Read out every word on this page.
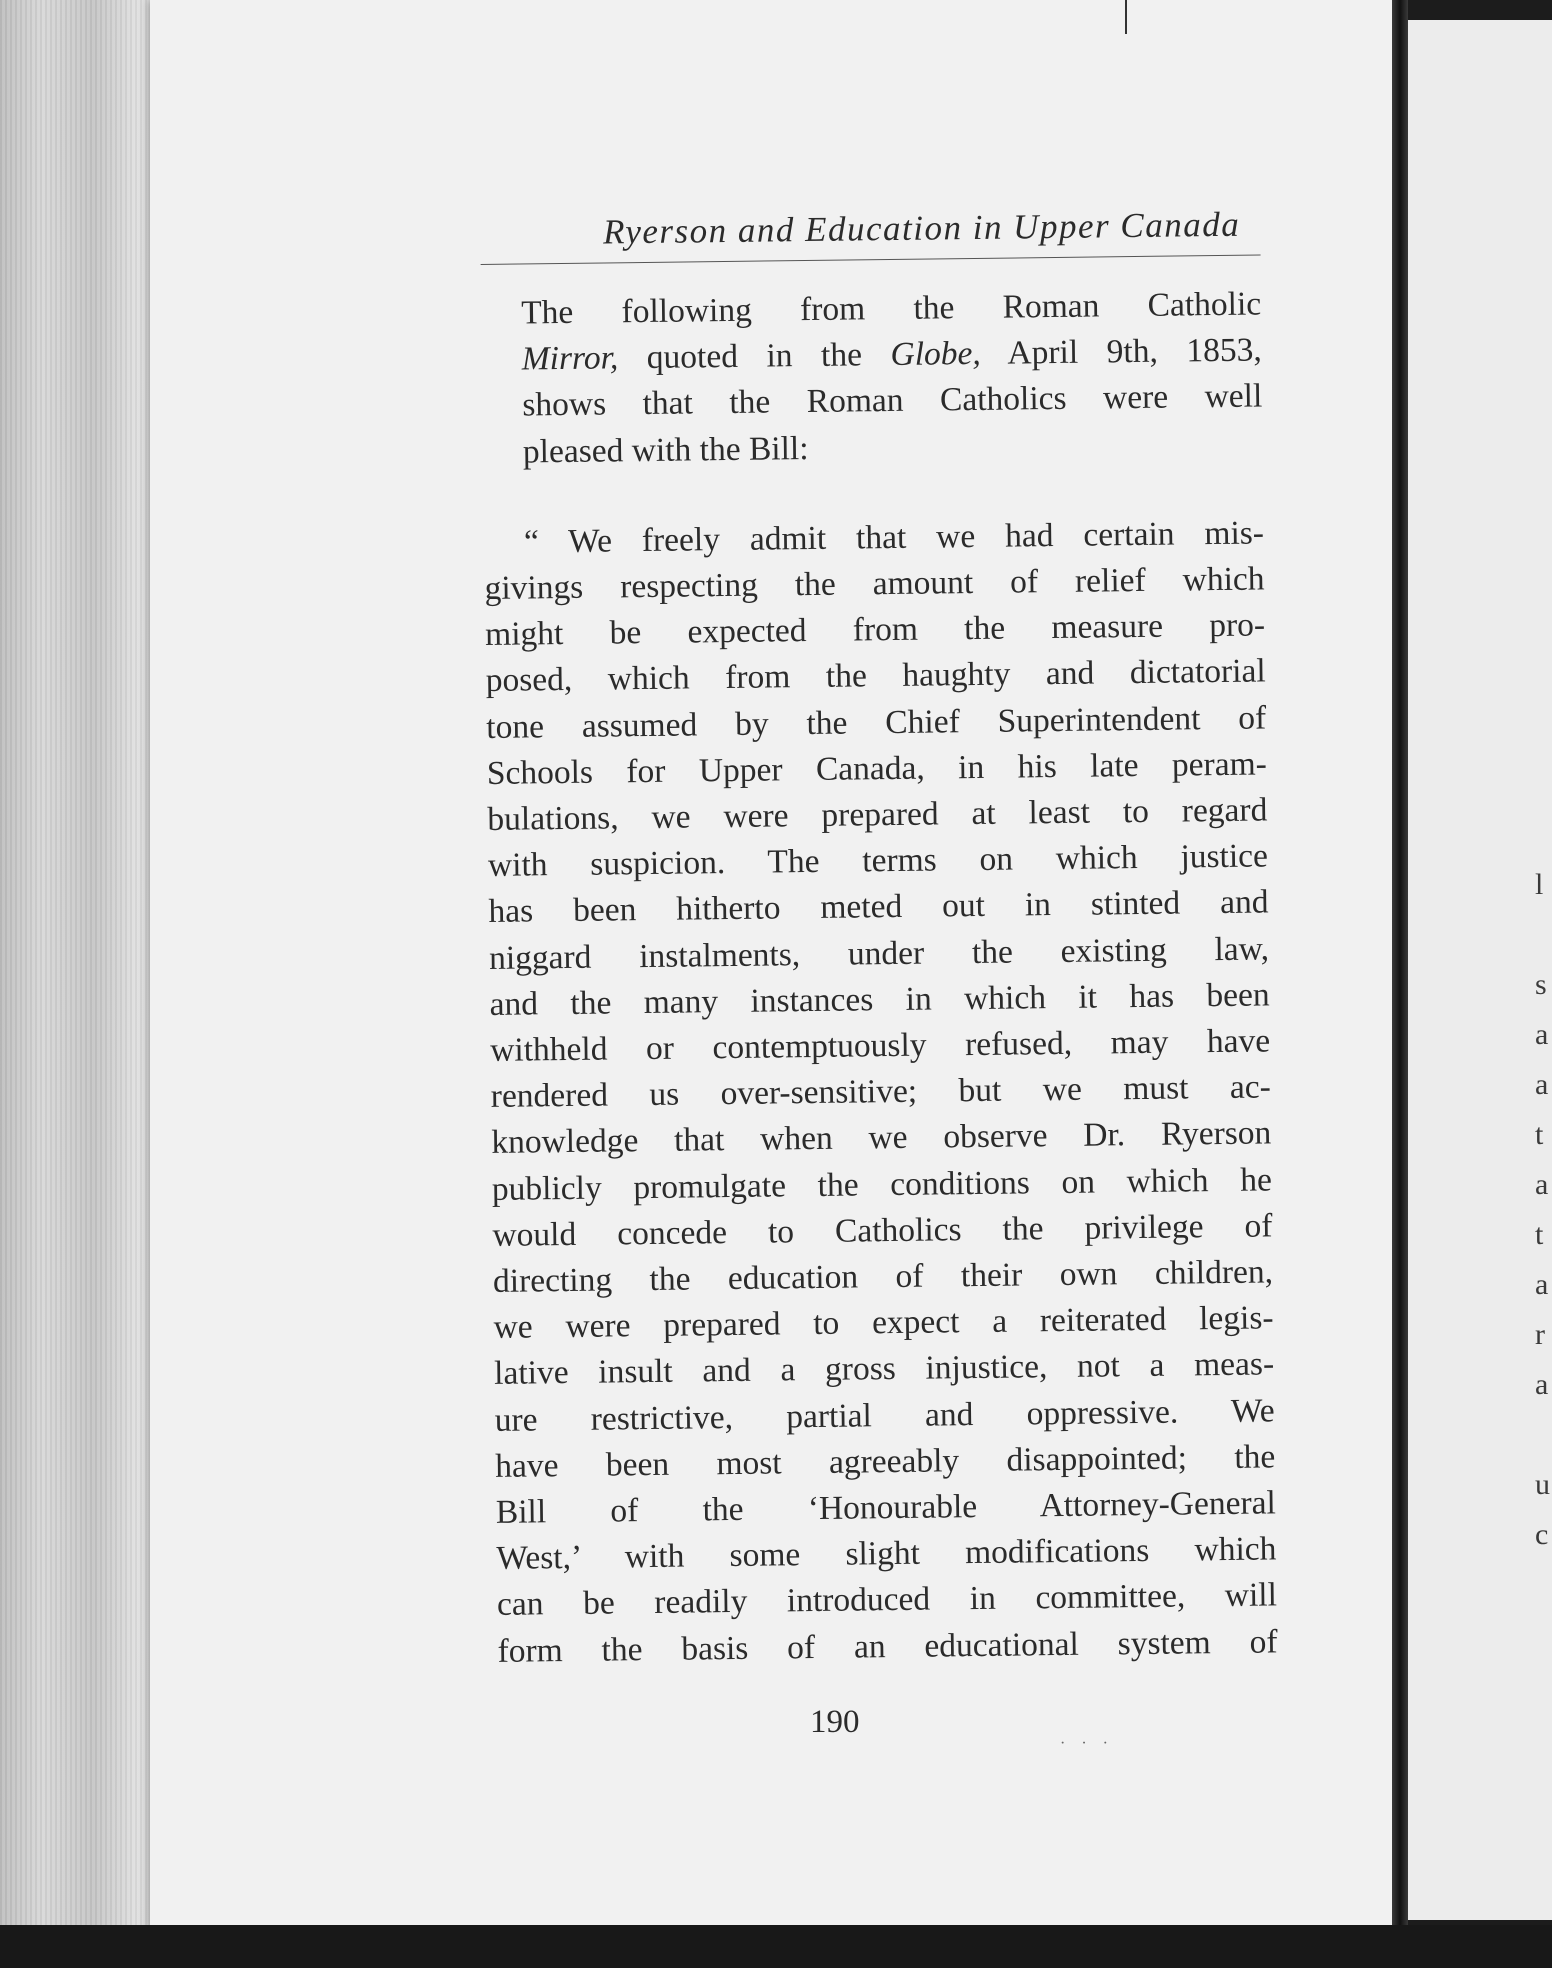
l
s
a
a
t
a
t
a
r
a
u
c
Ryerson and Education in Upper Canada
The following from the Roman Catholic
Mirror, quoted in the Globe, April 9th, 1853,
shows that the Roman Catholics were well
pleased with the Bill:
“ We freely admit that we had certain mis-
givings respecting the amount of relief which
might be expected from the measure pro-
posed, which from the haughty and dictatorial
tone assumed by the Chief Superintendent of
Schools for Upper Canada, in his late peram-
bulations, we were prepared at least to regard
with suspicion. The terms on which justice
has been hitherto meted out in stinted and
niggard instalments, under the existing law,
and the many instances in which it has been
withheld or contemptuously refused, may have
rendered us over-sensitive; but we must ac-
knowledge that when we observe Dr. Ryerson
publicly promulgate the conditions on which he
would concede to Catholics the privilege of
directing the education of their own children,
we were prepared to expect a reiterated legis-
lative insult and a gross injustice, not a meas-
ure restrictive, partial and oppressive. We
have been most agreeably disappointed; the
Bill of the ‘Honourable Attorney-General
West,’ with some slight modifications which
can be readily introduced in committee, will
form the basis of an educational system of
190
· · ·
